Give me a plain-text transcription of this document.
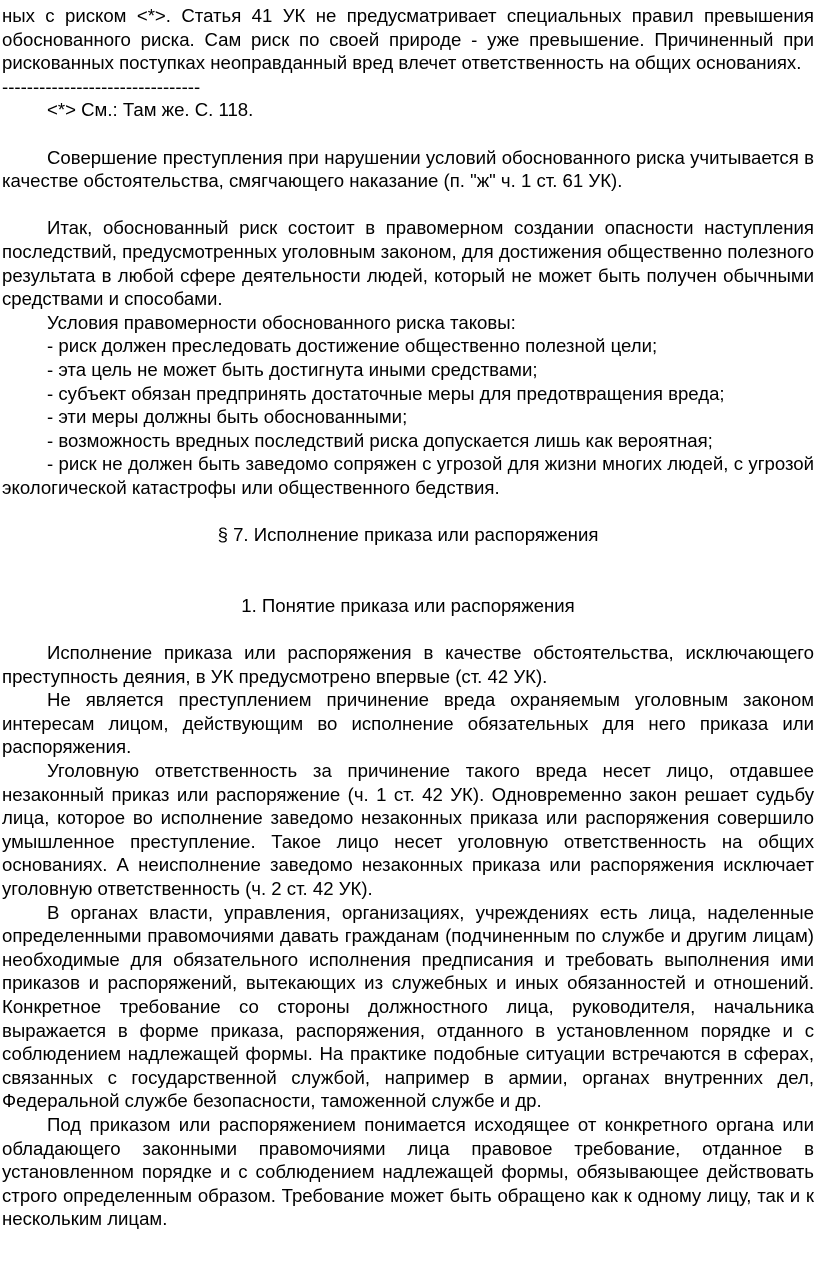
ных с риском <*>. Статья 41 УК не предусматривает специальных правил превышения обоснованного риска. Сам риск по своей природе - уже превышение. Причиненный при рискованных поступках неоправданный вред влечет ответственность на общих основаниях.

--------------------------------

<*> См.: Там же. С. 118.

Совершение преступления при нарушении условий обоснованного риска учитывается в качестве обстоятельства, смягчающего наказание (п. "ж" ч. 1 ст. 61 УК).

Итак, обоснованный риск состоит в правомерном создании опасности наступления последствий, предусмотренных уголовным законом, для достижения общественно полезного результата в любой сфере деятельности людей, который не может быть получен обычными средствами и способами.

Условия правомерности обоснованного риска таковы:

- риск должен преследовать достижение общественно полезной цели;

- эта цель не может быть достигнута иными средствами;

- субъект обязан предпринять достаточные меры для предотвращения вреда;

- эти меры должны быть обоснованными;

- возможность вредных последствий риска допускается лишь как вероятная;

- риск не должен быть заведомо сопряжен с угрозой для жизни многих людей, с угрозой экологической катастрофы или общественного бедствия.

§ 7. Исполнение приказа или распоряжения

1. Понятие приказа или распоряжения

Исполнение приказа или распоряжения в качестве обстоятельства, исключающего преступность деяния, в УК предусмотрено впервые (ст. 42 УК).

Не является преступлением причинение вреда охраняемым уголовным законом интересам лицом, действующим во исполнение обязательных для него приказа или распоряжения.

Уголовную ответственность за причинение такого вреда несет лицо, отдавшее незаконный приказ или распоряжение (ч. 1 ст. 42 УК). Одновременно закон решает судьбу лица, которое во исполнение заведомо незаконных приказа или распоряжения совершило умышленное преступление. Такое лицо несет уголовную ответственность на общих основаниях. А неисполнение заведомо незаконных приказа или распоряжения исключает уголовную ответственность (ч. 2 ст. 42 УК).

В органах власти, управления, организациях, учреждениях есть лица, наделенные определенными правомочиями давать гражданам (подчиненным по службе и другим лицам) необходимые для обязательного исполнения предписания и требовать выполнения ими приказов и распоряжений, вытекающих из служебных и иных обязанностей и отношений. Конкретное требование со стороны должностного лица, руководителя, начальника выражается в форме приказа, распоряжения, отданного в установленном порядке и с соблюдением надлежащей формы. На практике подобные ситуации встречаются в сферах, связанных с государственной службой, например в армии, органах внутренних дел, Федеральной службе безопасности, таможенной службе и др.

Под приказом или распоряжением понимается исходящее от конкретного органа или обладающего законными правомочиями лица правовое требование, отданное в установленном порядке и с соблюдением надлежащей формы, обязывающее действовать строго определенным образом. Требование может быть обращено как к одному лицу, так и к нескольким лицам.
